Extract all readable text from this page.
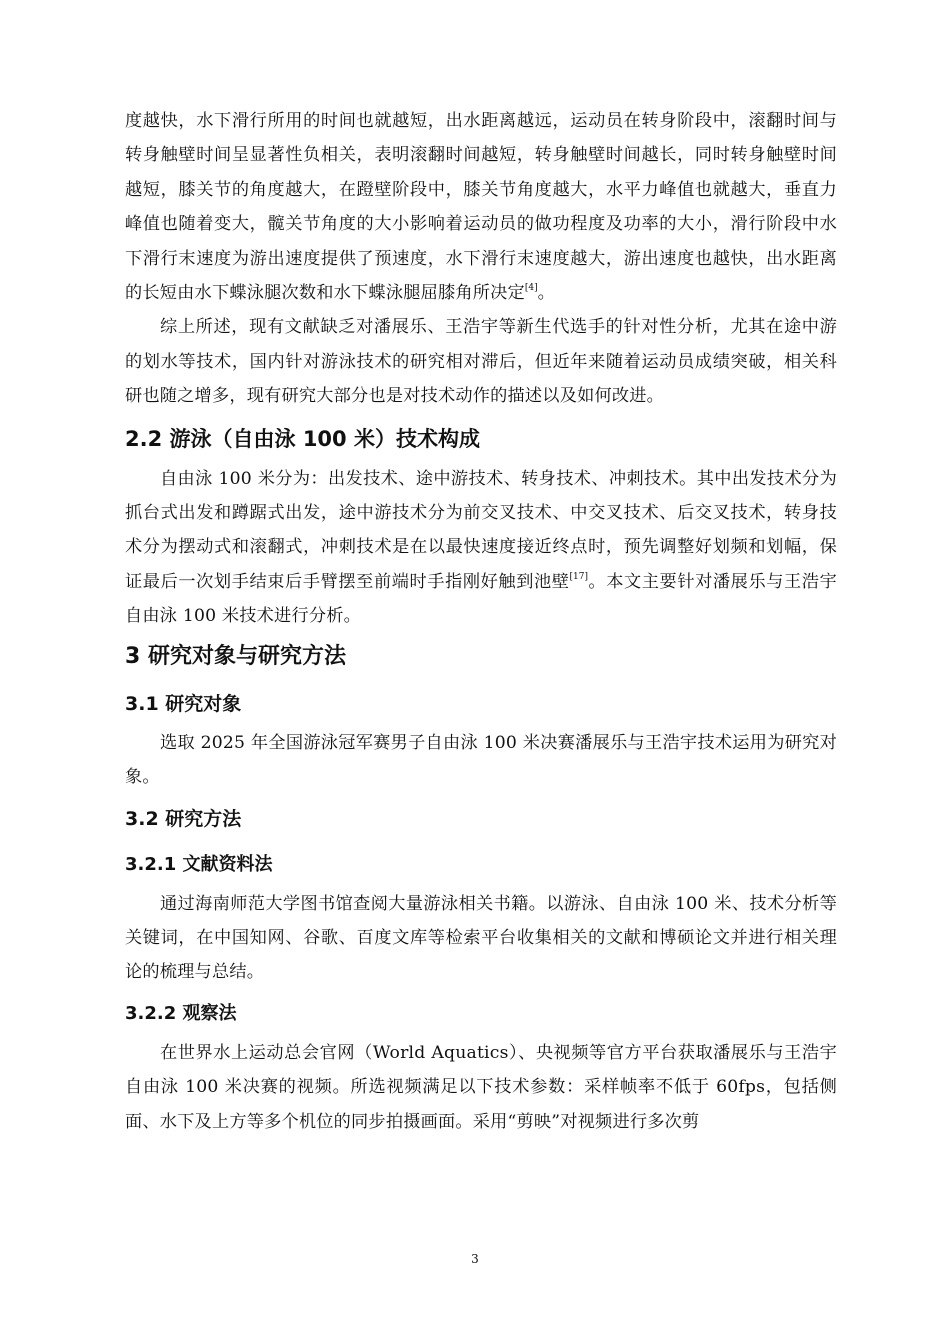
度越快，水下滑行所用的时间也就越短，出水距离越远，运动员在转身阶段中，滚翻时间与转身触壁时间呈显著性负相关，表明滚翻时间越短，转身触壁时间越长，同时转身触壁时间越短，膝关节的角度越大，在蹬壁阶段中，膝关节角度越大，水平力峰值也就越大，垂直力峰值也随着变大，髋关节角度的大小影响着运动员的做功程度及功率的大小，滑行阶段中水下滑行末速度为游出速度提供了预速度，水下滑行末速度越大，游出速度也越快，出水距离的长短由水下蝶泳腿次数和水下蝶泳腿屈膝角所决定[4]。

综上所述，现有文献缺乏对潘展乐、王浩宇等新生代选手的针对性分析，尤其在途中游的划水等技术，国内针对游泳技术的研究相对滞后，但近年来随着运动员成绩突破，相关科研也随之增多，现有研究大部分也是对技术动作的描述以及如何改进。

2.2 游泳（自由泳 100 米）技术构成

自由泳 100 米分为：出发技术、途中游技术、转身技术、冲刺技术。其中出发技术分为抓台式出发和蹲踞式出发，途中游技术分为前交叉技术、中交叉技术、后交叉技术，转身技术分为摆动式和滚翻式，冲刺技术是在以最快速度接近终点时，预先调整好划频和划幅，保证最后一次划手结束后手臂摆至前端时手指刚好触到池壁[17]。本文主要针对潘展乐与王浩宇自由泳 100 米技术进行分析。

3 研究对象与研究方法
3.1 研究对象

选取 2025 年全国游泳冠军赛男子自由泳 100 米决赛潘展乐与王浩宇技术运用为研究对象。

3.2 研究方法
3.2.1 文献资料法

通过海南师范大学图书馆查阅大量游泳相关书籍。以游泳、自由泳 100 米、技术分析等关键词，在中国知网、谷歌、百度文库等检索平台收集相关的文献和博硕论文并进行相关理论的梳理与总结。

3.2.2 观察法

在世界水上运动总会官网（World Aquatics）、央视频等官方平台获取潘展乐与王浩宇自由泳 100 米决赛的视频。所选视频满足以下技术参数：采样帧率不低于 60fps，包括侧面、水下及上方等多个机位的同步拍摄画面。采用“剪映”对视频进行多次剪

3
